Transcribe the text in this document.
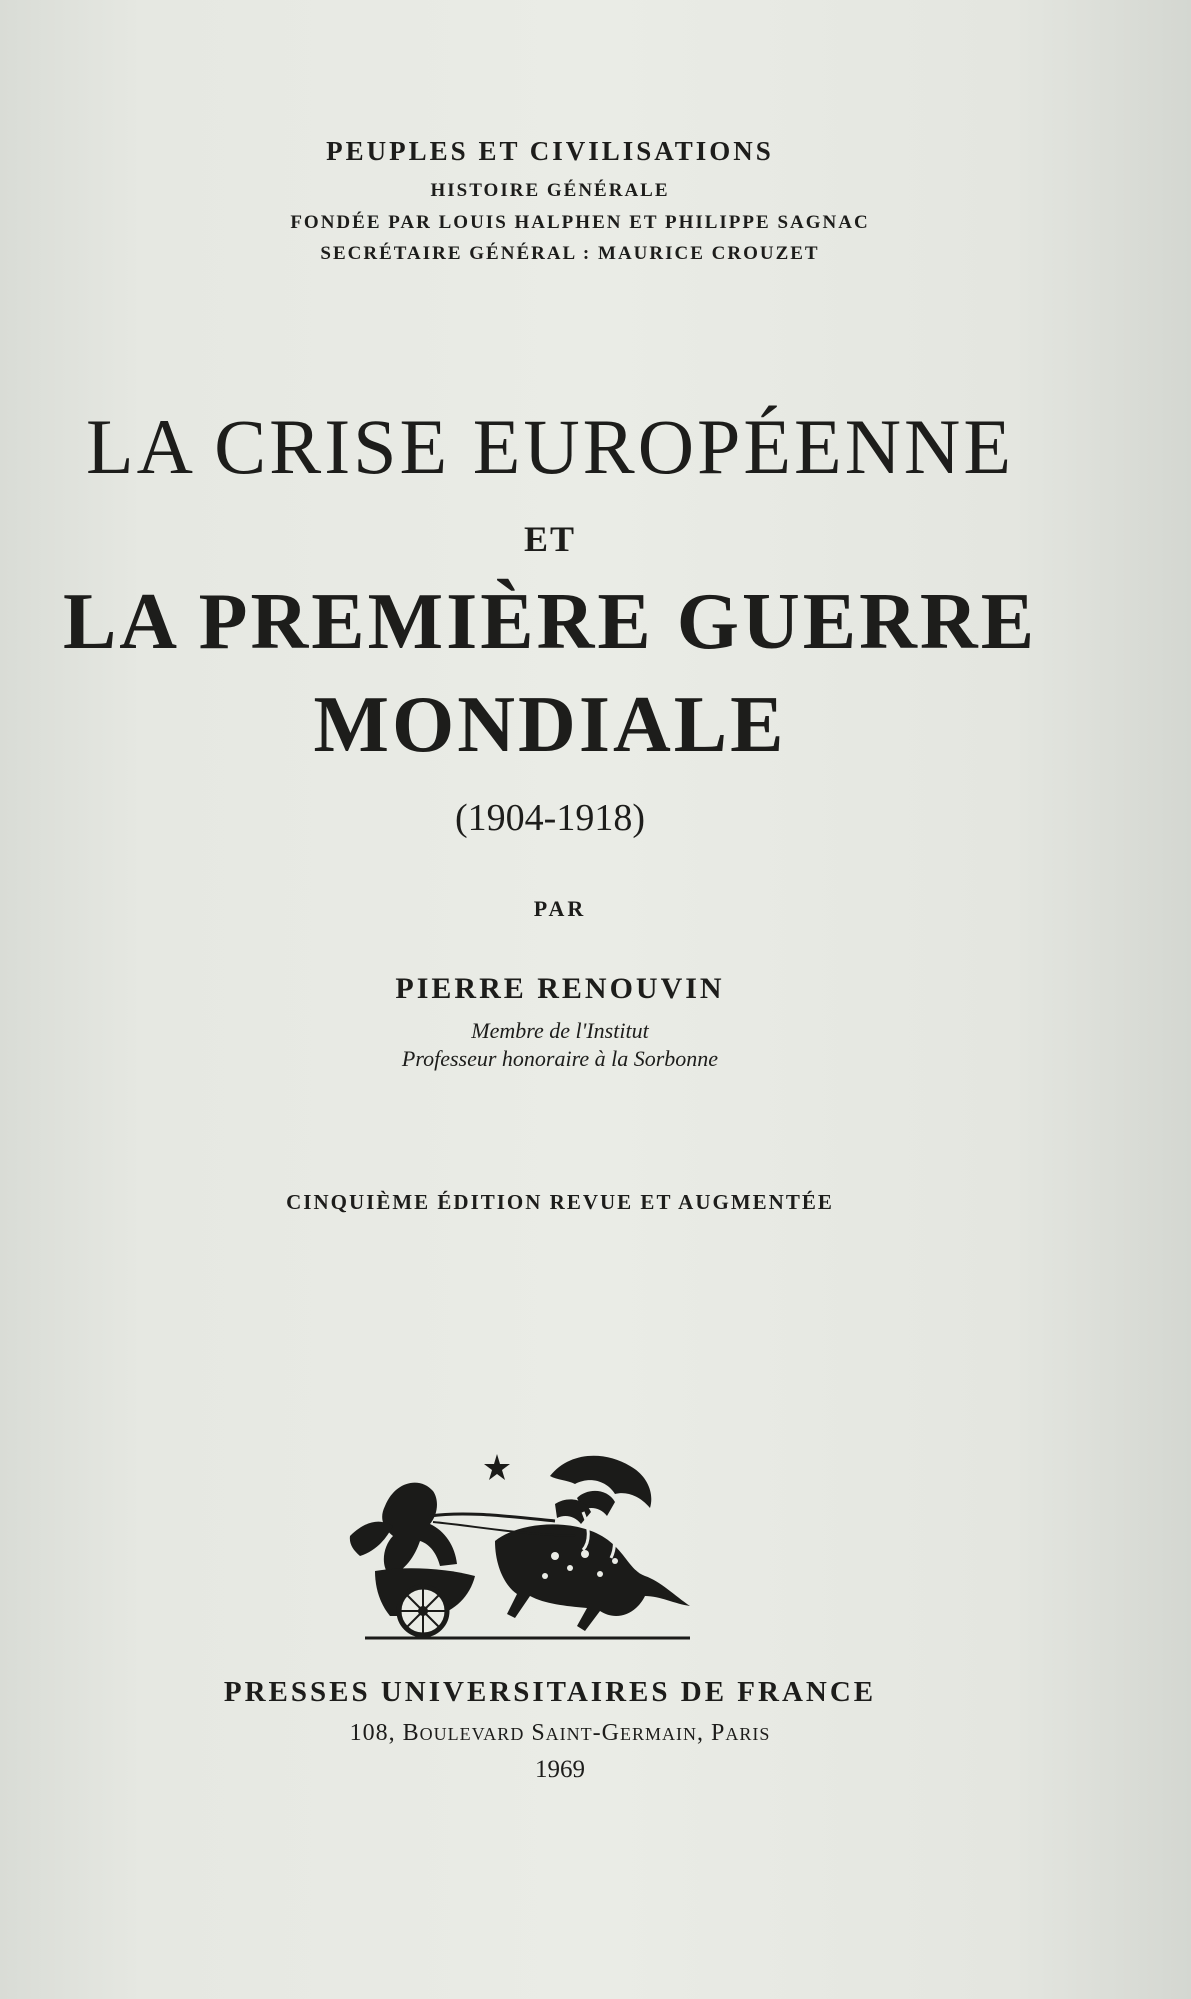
PEUPLES ET CIVILISATIONS
HISTOIRE GÉNÉRALE
FONDÉE PAR LOUIS HALPHEN ET PHILIPPE SAGNAC
SECRÉTAIRE GÉNÉRAL : MAURICE CROUZET
LA CRISE EUROPÉENNE
ET
LA PREMIÈRE GUERRE
MONDIALE
(1904-1918)
PAR
PIERRE RENOUVIN
Membre de l'Institut
Professeur honoraire à la Sorbonne
CINQUIÈME ÉDITION REVUE ET AUGMENTÉE
PRESSES UNIVERSITAIRES DE FRANCE
108, BOULEVARD SAINT-GERMAIN, PARIS
1969
